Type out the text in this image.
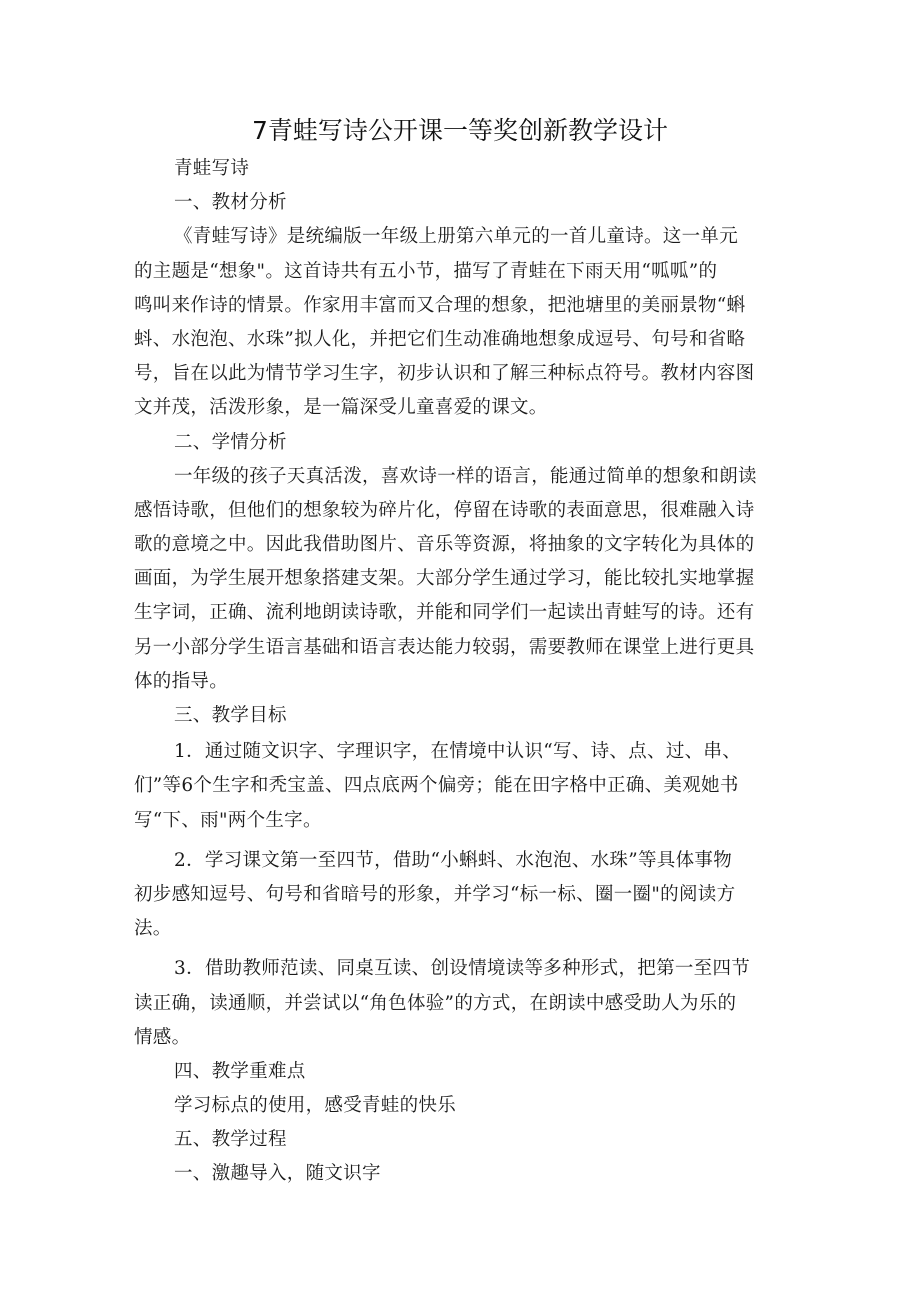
7青蛙写诗公开课一等奖创新教学设计
青蛙写诗
一、教材分析
《青蛙写诗》是统编版一年级上册第六单元的一首儿童诗。这一单元
的主题是“想象"。这首诗共有五小节，描写了青蛙在下雨天用“呱呱”的
鸣叫来作诗的情景。作家用丰富而又合理的想象，把池塘里的美丽景物“蝌
蚪、水泡泡、水珠”拟人化，并把它们生动准确地想象成逗号、句号和省略
号，旨在以此为情节学习生字，初步认识和了解三种标点符号。教材内容图
文并茂，活泼形象，是一篇深受儿童喜爱的课文。
二、学情分析
一年级的孩子天真活泼，喜欢诗一样的语言，能通过简单的想象和朗读
感悟诗歌，但他们的想象较为碎片化，停留在诗歌的表面意思，很难融入诗
歌的意境之中。因此我借助图片、音乐等资源，将抽象的文字转化为具体的
画面，为学生展开想象搭建支架。大部分学生通过学习，能比较扎实地掌握
生字词，正确、流利地朗读诗歌，并能和同学们一起读出青蛙写的诗。还有
另一小部分学生语言基础和语言表达能力较弱，需要教师在课堂上进行更具
体的指导。
三、教学目标
1．通过随文识字、字理识字，在情境中认识“写、诗、点、过、串、
们”等6个生字和秃宝盖、四点底两个偏旁；能在田字格中正确、美观她书
写“下、雨"两个生字。
2．学习课文第一至四节，借助“小蝌蚪、水泡泡、水珠”等具体事物
初步感知逗号、句号和省暗号的形象，并学习“标一标、圈一圈"的阅读方
法。
3．借助教师范读、同桌互读、创设情境读等多种形式，把第一至四节
读正确，读通顺，并尝试以“角色体验”的方式，在朗读中感受助人为乐的
情感。
四、教学重难点
学习标点的使用，感受青蛙的快乐
五、教学过程
一、激趣导入，随文识字
